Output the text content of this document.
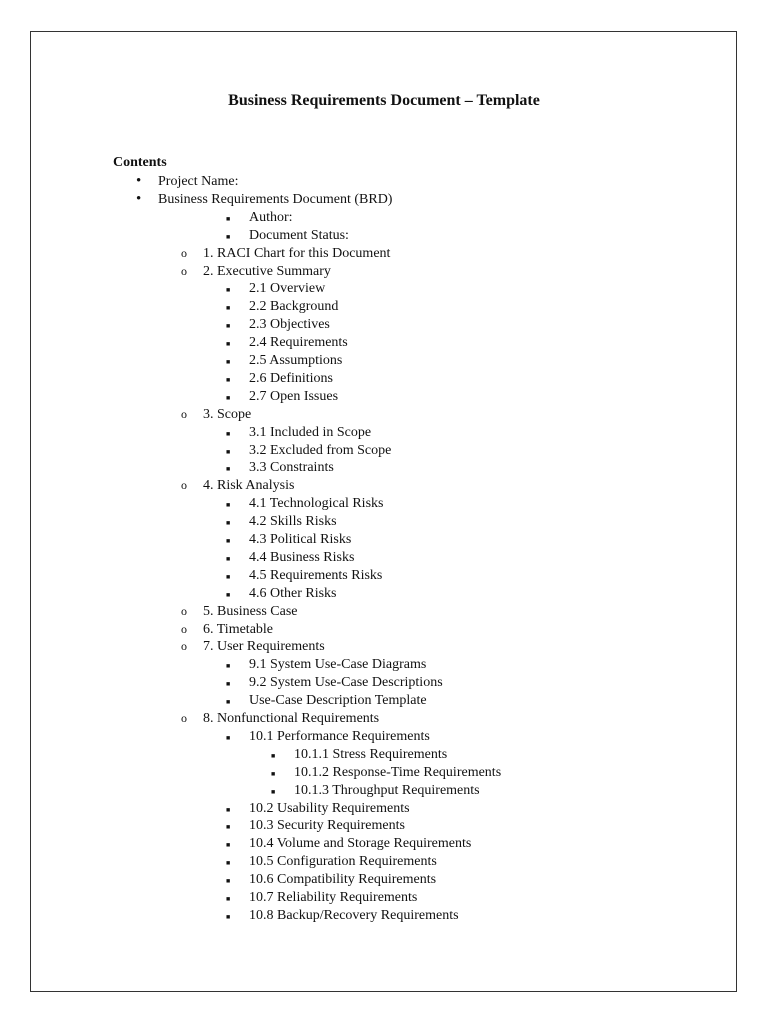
Business Requirements Document – Template
Contents
• Project Name:
• Business Requirements Document (BRD)
■ Author:
■ Document Status:
o 1. RACI Chart for this Document
o 2. Executive Summary
■ 2.1 Overview
■ 2.2 Background
■ 2.3 Objectives
■ 2.4 Requirements
■ 2.5 Assumptions
■ 2.6 Definitions
■ 2.7 Open Issues
o 3. Scope
■ 3.1 Included in Scope
■ 3.2 Excluded from Scope
■ 3.3 Constraints
o 4. Risk Analysis
■ 4.1 Technological Risks
■ 4.2 Skills Risks
■ 4.3 Political Risks
■ 4.4 Business Risks
■ 4.5 Requirements Risks
■ 4.6 Other Risks
o 5. Business Case
o 6. Timetable
o 7. User Requirements
■ 9.1 System Use-Case Diagrams
■ 9.2 System Use-Case Descriptions
■ Use-Case Description Template
o 8. Nonfunctional Requirements
■ 10.1 Performance Requirements
■ 10.1.1 Stress Requirements
■ 10.1.2 Response-Time Requirements
■ 10.1.3 Throughput Requirements
■ 10.2 Usability Requirements
■ 10.3 Security Requirements
■ 10.4 Volume and Storage Requirements
■ 10.5 Configuration Requirements
■ 10.6 Compatibility Requirements
■ 10.7 Reliability Requirements
■ 10.8 Backup/Recovery Requirements
